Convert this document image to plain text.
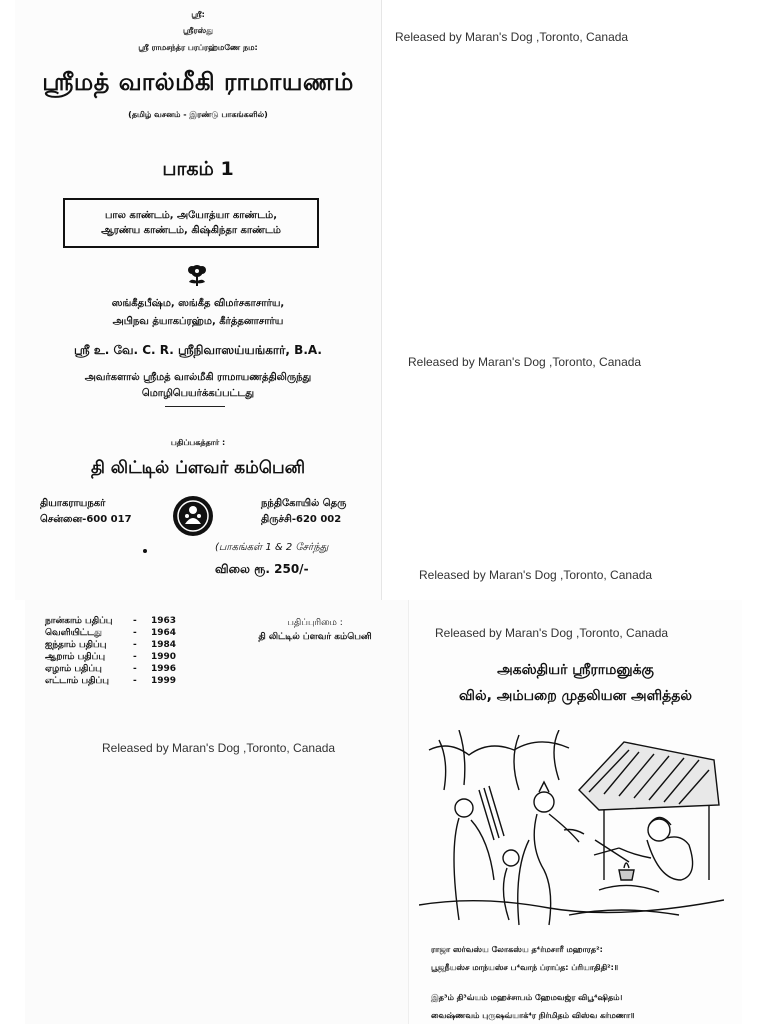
ஸ்ரீ:
ஸ்ரீரஸ்து
ஸ்ரீ ராமசந்த்ர பரப்ரஹ்மணே நம:
ஸ்ரீமத் வால்மீகி ராமாயணம்
(தமிழ் வசனம் - இரண்டு பாகங்களில்)
பாகம் 1
பால காண்டம், அயோத்யா காண்டம்,
ஆரண்ய காண்டம், கிஷ்கிந்தா காண்டம்
ஸங்கீதபீஷ்ம, ஸங்கீத விமர்சகாசார்ய,
அபிநவ த்யாகப்ரஹ்ம, கீர்த்தனாசார்ய
ஸ்ரீ உ. வே. C. R. ஸ்ரீநிவாஸய்யங்கார், B.A.
அவர்களால் ஸ்ரீமத் வால்மீகி ராமாயணத்திலிருந்து
மொழிபெயர்க்கப்பட்டது
பதிப்பகத்தார் :
தி லிட்டில் ப்ளவர் கம்பெனி
தியாகராயநகர்
சென்னை-600 017
நந்திகோயில் தெரு
திருச்சி-620 002
(பாகங்கள் 1 & 2 சேர்ந்து
விலை ரூ. 250/-
Released by Maran's Dog ,Toronto, Canada
Released by Maran's Dog ,Toronto, Canada
Released by Maran's Dog ,Toronto, Canada
நான்காம் பதிப்பு - 1963
வெளியிட்டது	- 1964
ஐந்தாம் பதிப்பு	- 1984
ஆறாம் பதிப்பு	- 1990
ஏழாம் பதிப்பு	- 1996
எட்டாம் பதிப்பு	- 1999
பதிப்புரிமை :
தி லிட்டில் ப்ளவர் கம்பெனி
Released by Maran's Dog ,Toronto, Canada
Released by Maran's Dog ,Toronto, Canada
அகஸ்தியர் ஸ்ரீராமனுக்கு
வில், அம்பறை முதலியன அளித்தல்
ராஜா ஸர்வஸ்ய லோகஸ்ய த⁴ர்மசாரீ மஹாரத²:
பூஜநீயஸ்ச மாந்யஸ்ச ப⁴வாந் ப்ராப்த: ப்ரியாதிதி²:॥
இத³ம் தி³வ்யம் மஹச்சாபம் ஹேமவஜ்ர விபூ⁴ஷிதம்।
வைஷ்ணவம் புருஷவ்யாக்⁴ர நிர்மிதம் விஸ்வ கர்மணா॥
